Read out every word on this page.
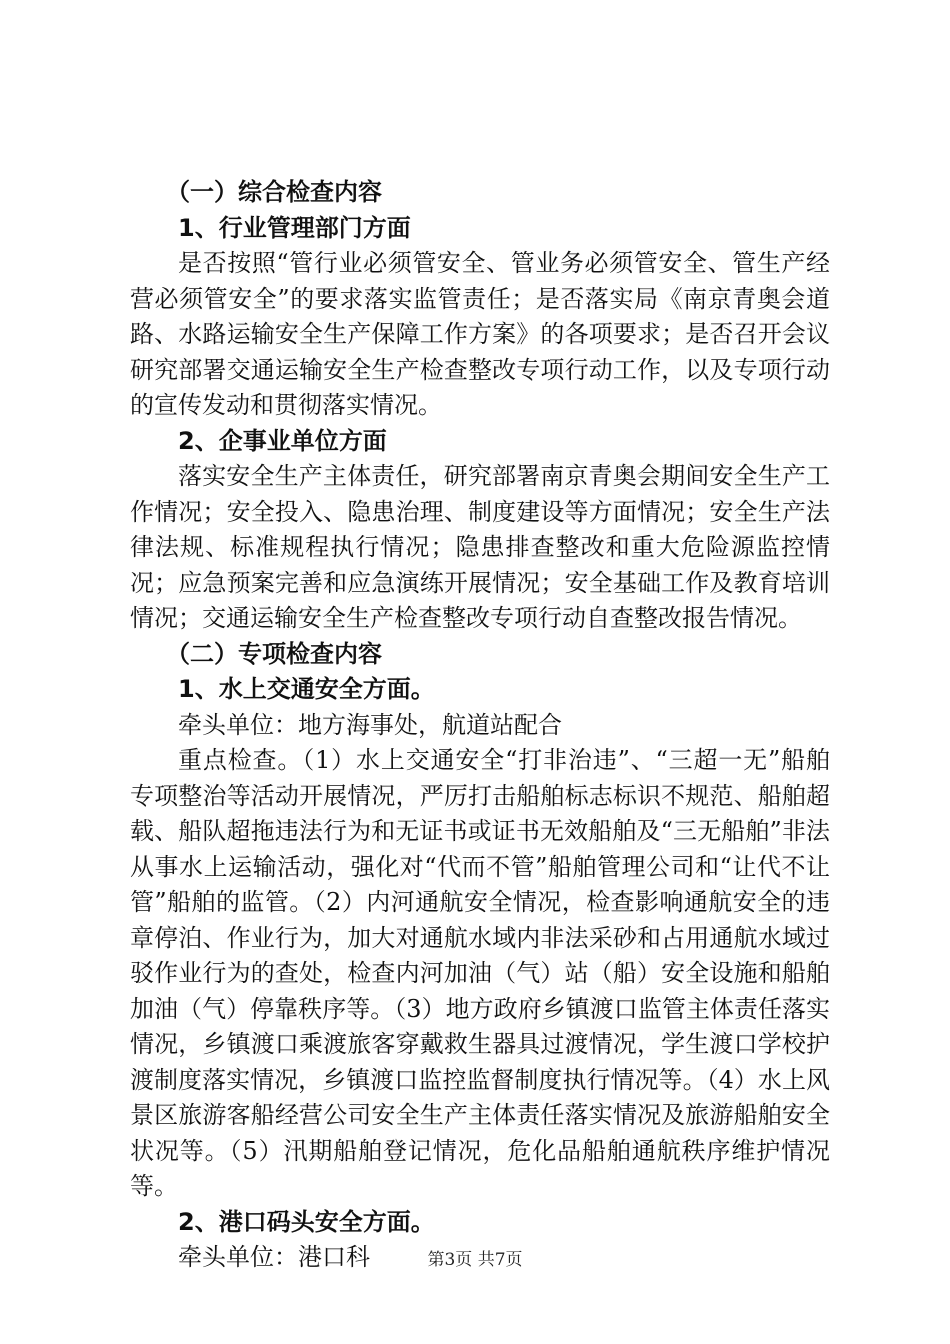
（一）综合检查内容

1、行业管理部门方面

是否按照“管行业必须管安全、管业务必须管安全、管生产经营必须管安全”的要求落实监管责任；是否落实局《南京青奥会道路、水路运输安全生产保障工作方案》的各项要求；是否召开会议研究部署交通运输安全生产检查整改专项行动工作，以及专项行动的宣传发动和贯彻落实情况。

2、企事业单位方面

落实安全生产主体责任，研究部署南京青奥会期间安全生产工作情况；安全投入、隐患治理、制度建设等方面情况；安全生产法律法规、标准规程执行情况；隐患排查整改和重大危险源监控情况；应急预案完善和应急演练开展情况；安全基础工作及教育培训情况；交通运输安全生产检查整改专项行动自查整改报告情况。

（二）专项检查内容

1、水上交通安全方面。

牵头单位：地方海事处，航道站配合

重点检查。（1）水上交通安全“打非治违”、“三超一无”船舶专项整治等活动开展情况，严厉打击船舶标志标识不规范、船舶超载、船队超拖违法行为和无证书或证书无效船舶及“三无船舶”非法从事水上运输活动，强化对“代而不管”船舶管理公司和“让代不让管”船舶的监管。（2）内河通航安全情况，检查影响通航安全的违章停泊、作业行为，加大对通航水域内非法采砂和占用通航水域过驳作业行为的查处，检查内河加油（气）站（船）安全设施和船舶加油（气）停靠秩序等。（3）地方政府乡镇渡口监管主体责任落实情况，乡镇渡口乘渡旅客穿戴救生器具过渡情况，学生渡口学校护渡制度落实情况，乡镇渡口监控监督制度执行情况等。（4）水上风景区旅游客船经营公司安全生产主体责任落实情况及旅游船舶安全状况等。（5）汛期船舶登记情况，危化品船舶通航秩序维护情况等。

2、港口码头安全方面。

牵头单位：港口科	第3页 共7页
